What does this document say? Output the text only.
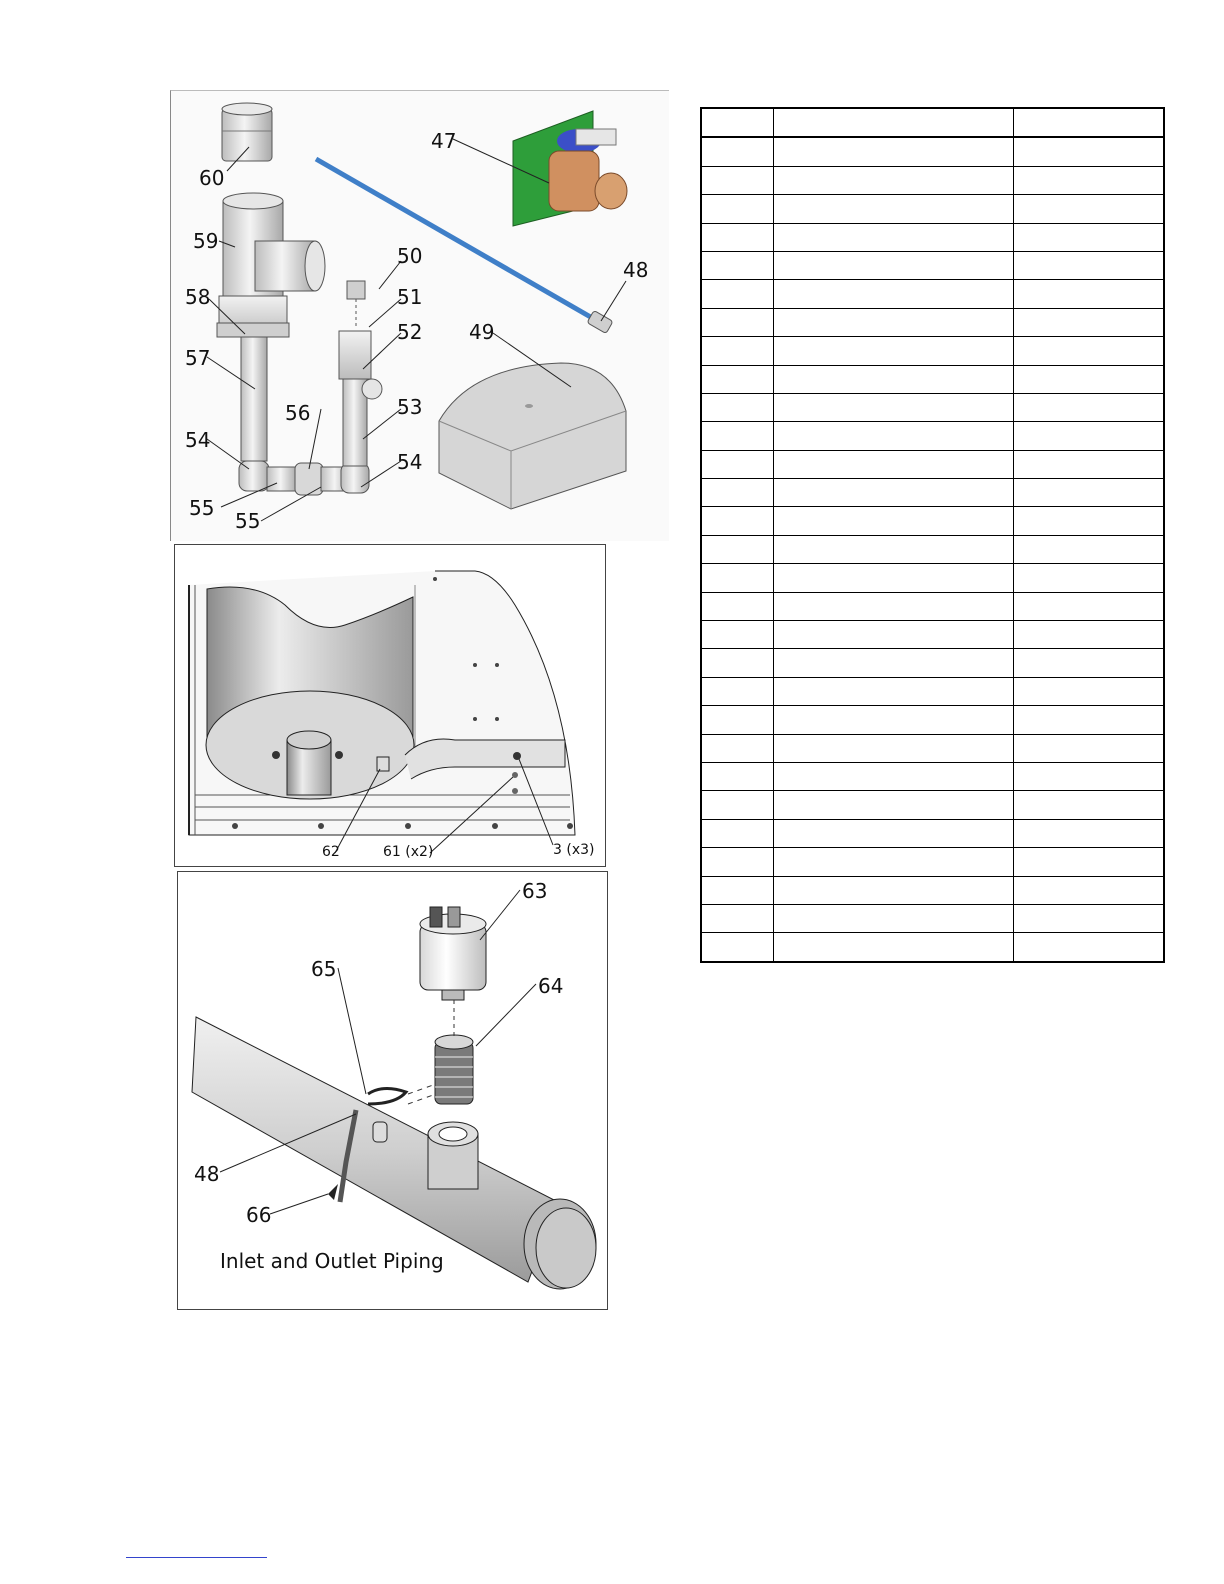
60
59
58
57
54
55
55
56
50
51
52
53
54
47
48
49
62	61 (x2)	3 (x3)
63
64
65
48
66
Inlet and Outlet Piping
